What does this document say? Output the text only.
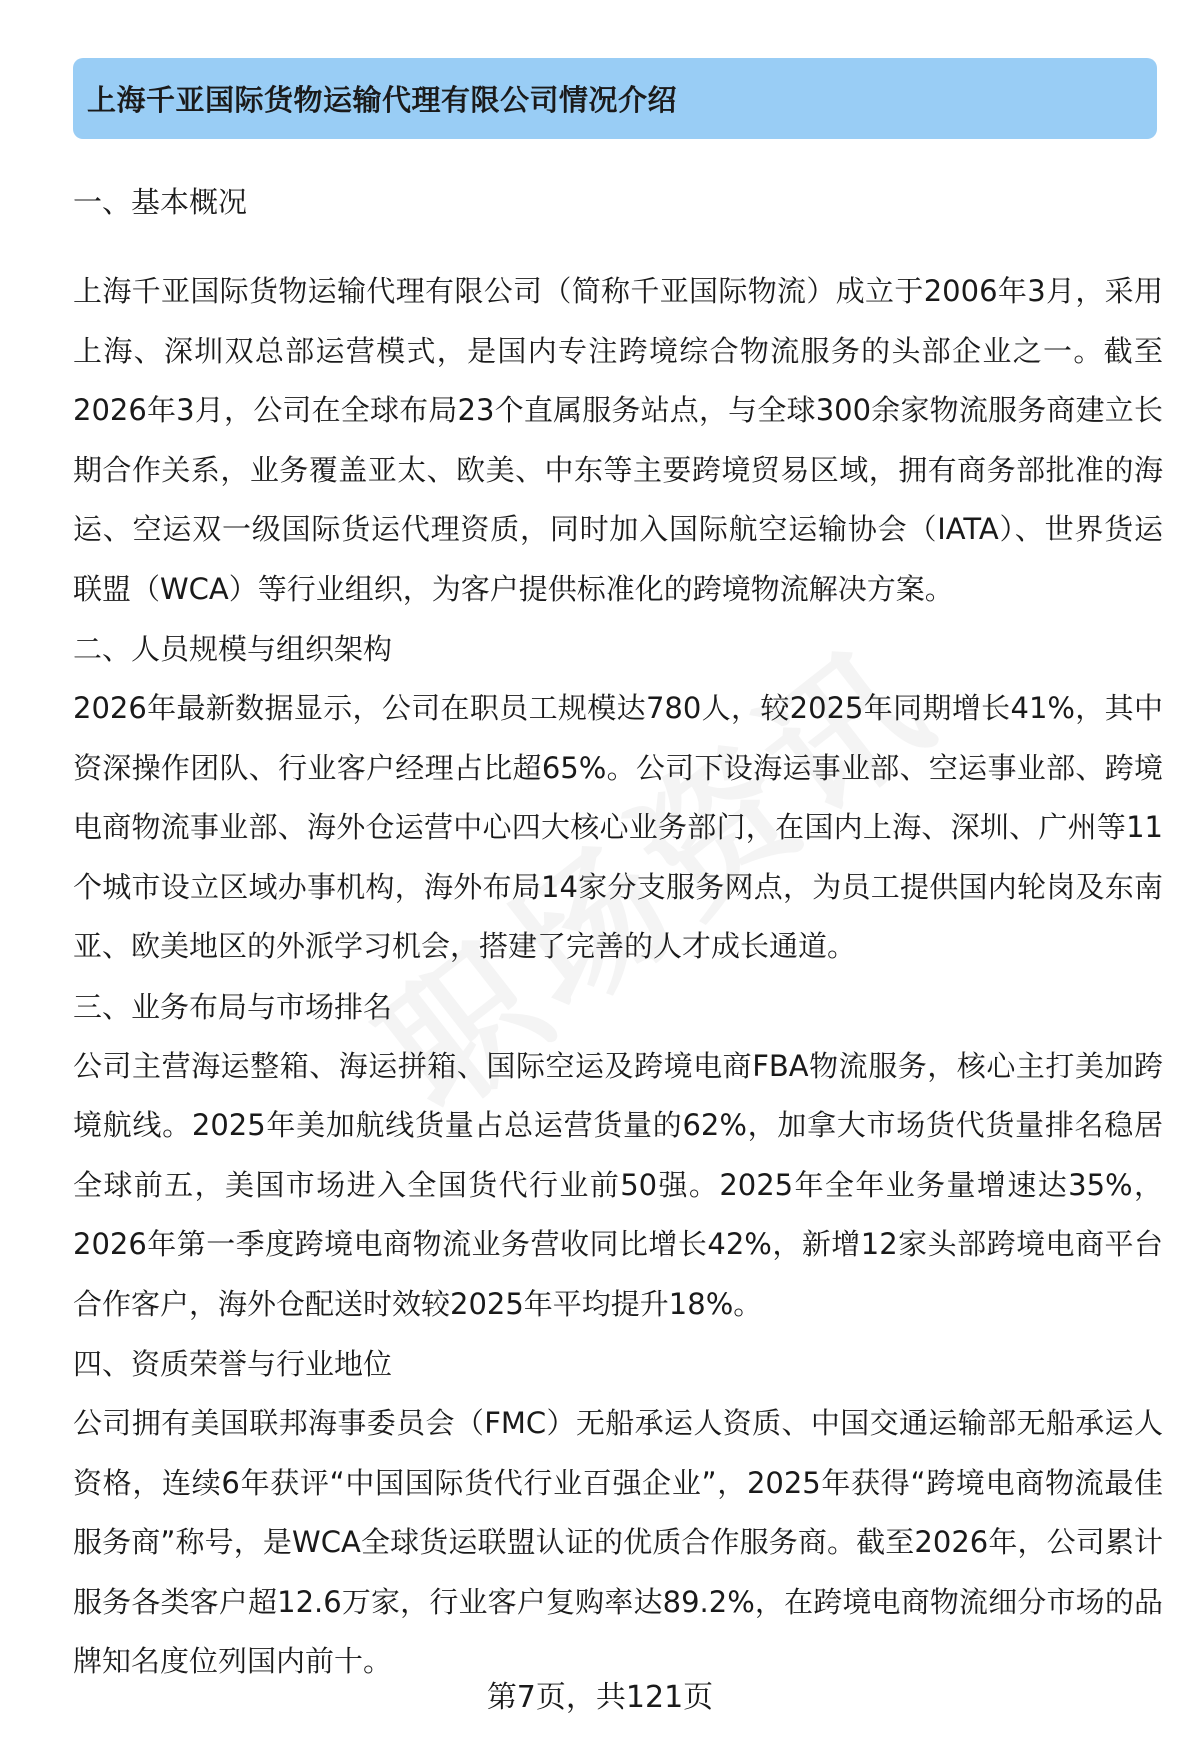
上海千亚国际货物运输代理有限公司情况介绍
一、基本概况

上海千亚国际货物运输代理有限公司（简称千亚国际物流）成立于2006年3月，采用上海、深圳双总部运营模式，是国内专注跨境综合物流服务的头部企业之一。截至2026年3月，公司在全球布局23个直属服务站点，与全球300余家物流服务商建立长期合作关系，业务覆盖亚太、欧美、中东等主要跨境贸易区域，拥有商务部批准的海运、空运双一级国际货运代理资质，同时加入国际航空运输协会（IATA）、世界货运联盟（WCA）等行业组织，为客户提供标准化的跨境物流解决方案。

二、人员规模与组织架构

2026年最新数据显示，公司在职员工规模达780人，较2025年同期增长41%，其中资深操作团队、行业客户经理占比超65%。公司下设海运事业部、空运事业部、跨境电商物流事业部、海外仓运营中心四大核心业务部门，在国内上海、深圳、广州等11个城市设立区域办事机构，海外布局14家分支服务网点，为员工提供国内轮岗及东南亚、欧美地区的外派学习机会，搭建了完善的人才成长通道。

三、业务布局与市场排名

公司主营海运整箱、海运拼箱、国际空运及跨境电商FBA物流服务，核心主打美加跨境航线。2025年美加航线货量占总运营货量的62%，加拿大市场货代货量排名稳居全球前五，美国市场进入全国货代行业前50强。2025年全年业务量增速达35%，2026年第一季度跨境电商物流业务营收同比增长42%，新增12家头部跨境电商平台合作客户，海外仓配送时效较2025年平均提升18%。

四、资质荣誉与行业地位

公司拥有美国联邦海事委员会（FMC）无船承运人资质、中国交通运输部无船承运人资格，连续6年获评“中国国际货代行业百强企业”，2025年获得“跨境电商物流最佳服务商”称号，是WCA全球货运联盟认证的优质合作服务商。截至2026年，公司累计服务各类客户超12.6万家，行业客户复购率达89.2%，在跨境电商物流细分市场的品牌知名度位列国内前十。

第7页，共121页
